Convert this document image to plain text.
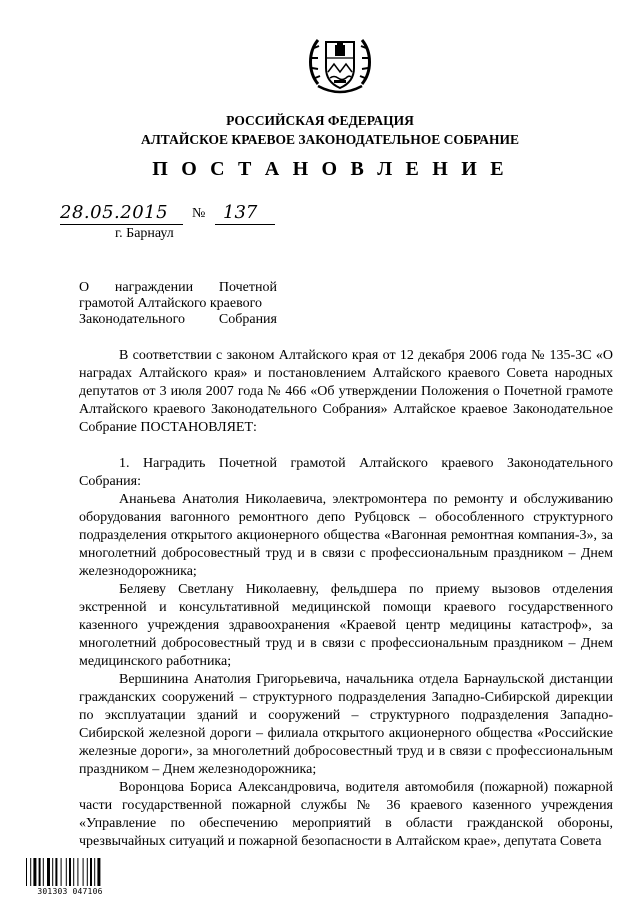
РОССИЙСКАЯ ФЕДЕРАЦИЯ
АЛТАЙСКОЕ КРАЕВОЕ ЗАКОНОДАТЕЛЬНОЕ СОБРАНИЕ
П О С Т А Н О В Л Е Н И Е
28.05.2015 № 137
г. Барнаул
О награждении Почетной
грамотой Алтайского краевого
Законодательного Собрания

В соответствии с законом Алтайского края от 12 декабря 2006 года № 135-ЗС «О наградах Алтайского края» и постановлением Алтайского краевого Совета народных депутатов от 3 июля 2007 года № 466 «Об утверждении Положения о Почетной грамоте Алтайского краевого Законодательного Собрания» Алтайское краевое Законодательное Собрание ПОСТАНОВЛЯЕТ:

1. Наградить Почетной грамотой Алтайского краевого Законодательного Собрания:

Ананьева Анатолия Николаевича, электромонтера по ремонту и обслуживанию оборудования вагонного ремонтного депо Рубцовск – обособленного структурного подразделения открытого акционерного общества «Вагонная ремонтная компания-3», за многолетний добросовестный труд и в связи с профессиональным праздником – Днем железнодорожника;

Беляеву Светлану Николаевну, фельдшера по приему вызовов отделения экстренной и консультативной медицинской помощи краевого государственного казенного учреждения здравоохранения «Краевой центр медицины катастроф», за многолетний добросовестный труд и в связи с профессиональным праздником – Днем медицинского работника;

Вершинина Анатолия Григорьевича, начальника отдела Барнаульской дистанции гражданских сооружений – структурного подразделения Западно-Сибирской дирекции по эксплуатации зданий и сооружений – структурного подразделения Западно-Сибирской железной дороги – филиала открытого акционерного общества «Российские железные дороги», за многолетний добросовестный труд и в связи с профессиональным праздником – Днем железнодорожника;

Воронцова Бориса Александровича, водителя автомобиля (пожарной) пожарной части государственной пожарной службы № 36 краевого казенного учреждения «Управление по обеспечению мероприятий в области гражданской обороны, чрезвычайных ситуаций и пожарной безопасности в Алтайском крае», депутата Совета

301303 047106
